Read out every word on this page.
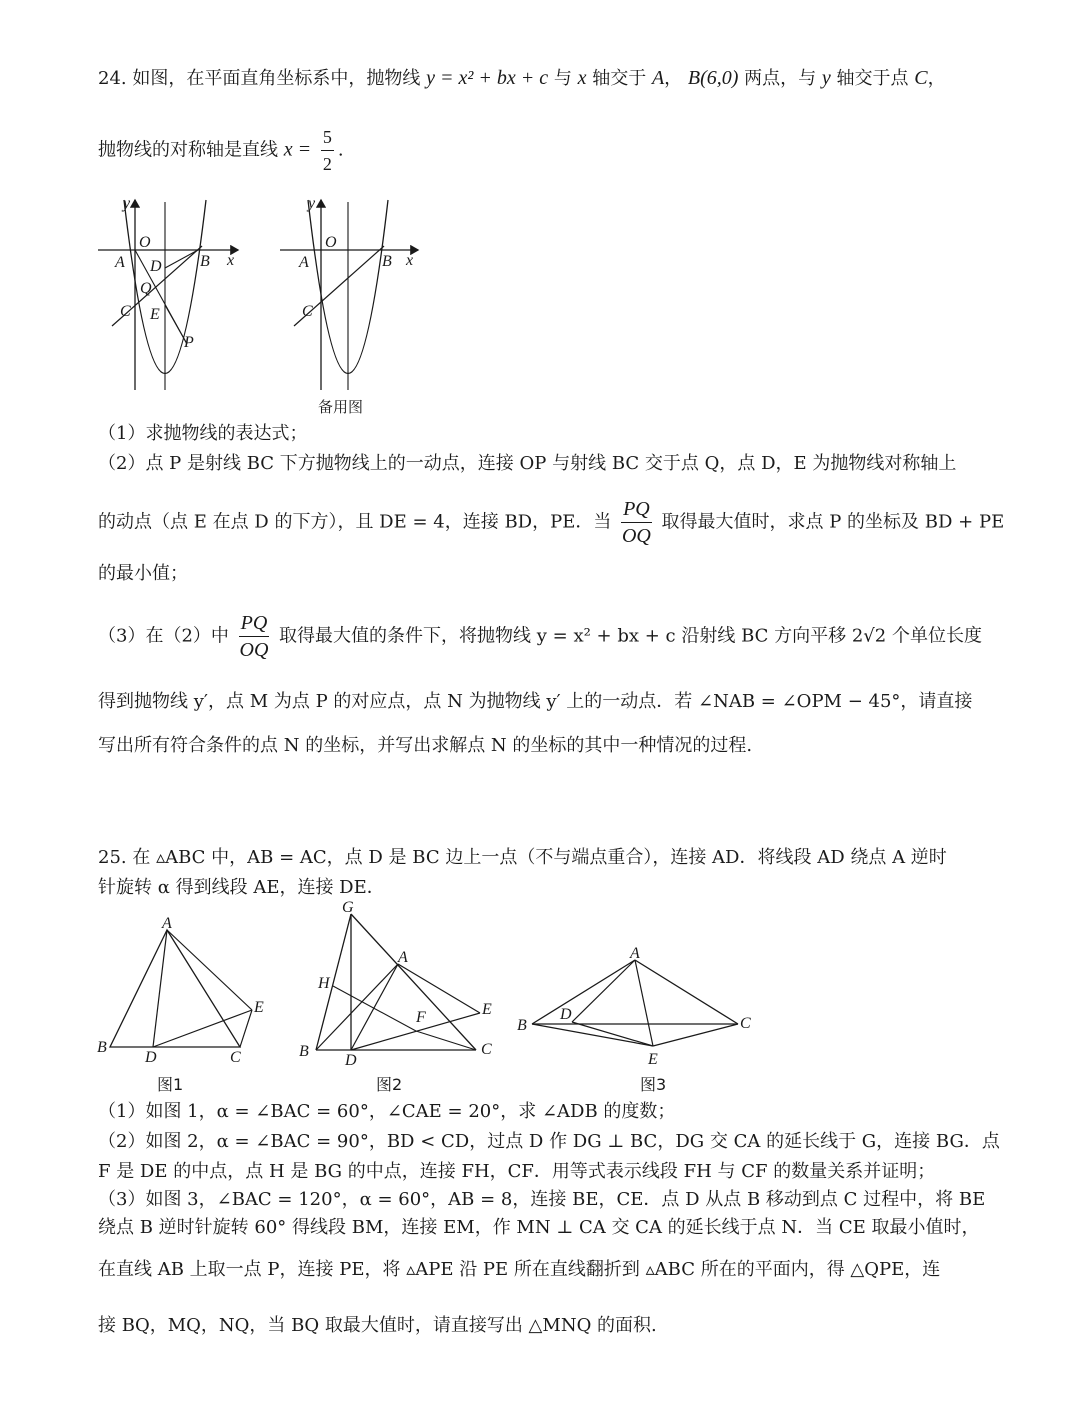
24. 如图，在平面直角坐标系中，抛物线 y = x² + bx + c 与 x 轴交于 A， B(6,0) 两点，与 y 轴交于点 C，
抛物线的对称轴是直线 $x = \frac{5}{2}$ .
y
x
O
A D B
Q
C E
P
y
x
O
A	B
C
备用图
（1）求抛物线的表达式；
（2）点 P 是射线 BC 下方抛物线上的一动点，连接 OP 与射线 BC 交于点 Q，点 D，E 为抛物线对称轴上
的动点（点 E 在点 D 的下方），且 DE = 4，连接 BD，PE．当 $\frac{PQ}{OQ}$ 取得最大值时，求点 P 的坐标及 BD + PE
的最小值；
（3）在（2）中 $\frac{PQ}{OQ}$ 取得最大值的条件下，将抛物线 y = x² + bx + c 沿射线 BC 方向平移 2√2 个单位长度
得到抛物线 y′，点 M 为点 P 的对应点，点 N 为抛物线 y′ 上的一动点．若 ∠NAB = ∠OPM − 45°，请直接
写出所有符合条件的点 N 的坐标，并写出求解点 N 的坐标的其中一种情况的过程.
25. 在 ▵ABC 中，AB = AC，点 D 是 BC 边上一点（不与端点重合），连接 AD．将线段 AD 绕点 A 逆时
针旋转 α 得到线段 AE，连接 DE．
A
B
D	C
E
图1
G
A
H
F	E
B
D
C
图2
A
B
D
C
E
图3
（1）如图 1，α = ∠BAC = 60°，∠CAE = 20°，求 ∠ADB 的度数；
（2）如图 2，α = ∠BAC = 90°，BD < CD，过点 D 作 DG ⊥ BC，DG 交 CA 的延长线于 G，连接 BG．点
F 是 DE 的中点，点 H 是 BG 的中点，连接 FH，CF．用等式表示线段 FH 与 CF 的数量关系并证明；
（3）如图 3，∠BAC = 120°，α = 60°，AB = 8，连接 BE，CE．点 D 从点 B 移动到点 C 过程中，将 BE
绕点 B 逆时针旋转 60° 得线段 BM，连接 EM，作 MN ⊥ CA 交 CA 的延长线于点 N．当 CE 取最小值时，
在直线 AB 上取一点 P，连接 PE，将 ▵APE 沿 PE 所在直线翻折到 ▵ABC 所在的平面内，得 △QPE，连
接 BQ，MQ，NQ，当 BQ 取最大值时，请直接写出 △MNQ 的面积.
